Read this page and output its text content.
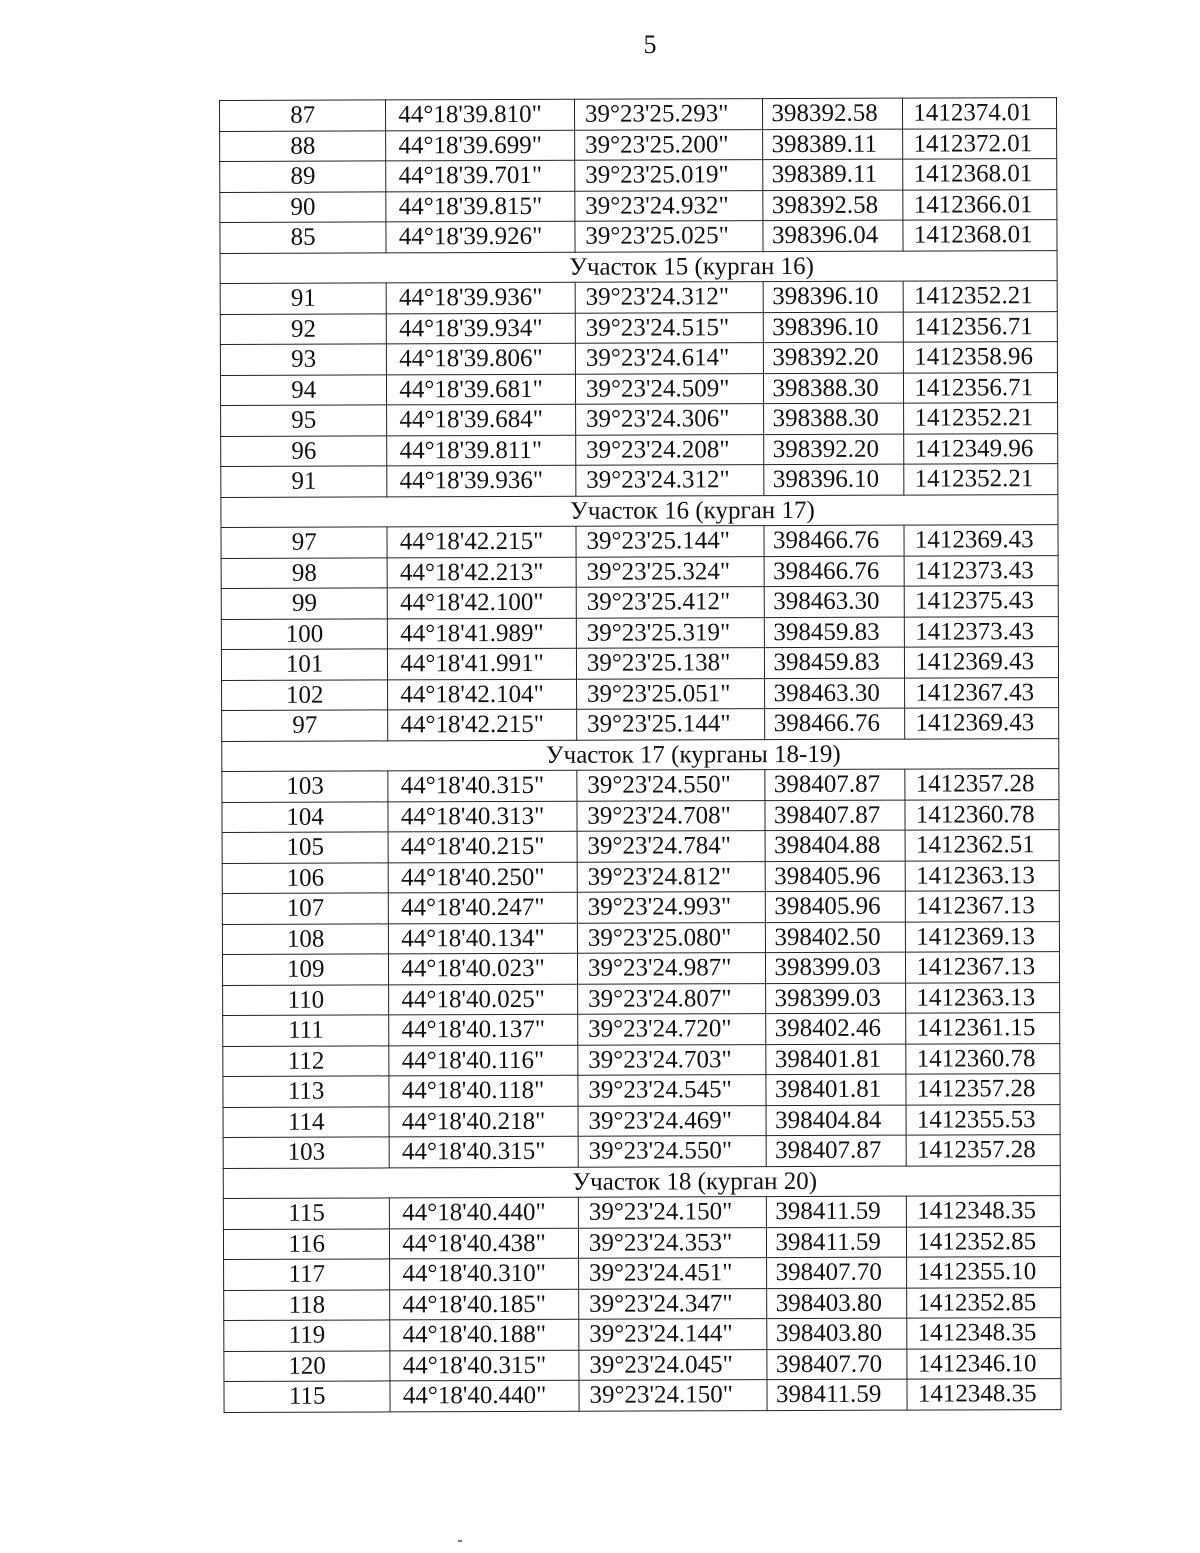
5
87	44°18'39.810"	39°23'25.293"	398392.58	1412374.01
88	44°18'39.699"	39°23'25.200"	398389.11	1412372.01
89	44°18'39.701"	39°23'25.019"	398389.11	1412368.01
90	44°18'39.815"	39°23'24.932"	398392.58	1412366.01
85	44°18'39.926"	39°23'25.025"	398396.04	1412368.01
Участок 15 (курган 16)				
91	44°18'39.936"	39°23'24.312"	398396.10	1412352.21
92	44°18'39.934"	39°23'24.515"	398396.10	1412356.71
93	44°18'39.806"	39°23'24.614"	398392.20	1412358.96
94	44°18'39.681"	39°23'24.509"	398388.30	1412356.71
95	44°18'39.684"	39°23'24.306"	398388.30	1412352.21
96	44°18'39.811"	39°23'24.208"	398392.20	1412349.96
91	44°18'39.936"	39°23'24.312"	398396.10	1412352.21
Участок 16 (курган 17)				
97	44°18'42.215"	39°23'25.144"	398466.76	1412369.43
98	44°18'42.213"	39°23'25.324"	398466.76	1412373.43
99	44°18'42.100"	39°23'25.412"	398463.30	1412375.43
100	44°18'41.989"	39°23'25.319"	398459.83	1412373.43
101	44°18'41.991"	39°23'25.138"	398459.83	1412369.43
102	44°18'42.104"	39°23'25.051"	398463.30	1412367.43
97	44°18'42.215"	39°23'25.144"	398466.76	1412369.43
Участок 17 (курганы 18-19)				
103	44°18'40.315"	39°23'24.550"	398407.87	1412357.28
104	44°18'40.313"	39°23'24.708"	398407.87	1412360.78
105	44°18'40.215"	39°23'24.784"	398404.88	1412362.51
106	44°18'40.250"	39°23'24.812"	398405.96	1412363.13
107	44°18'40.247"	39°23'24.993"	398405.96	1412367.13
108	44°18'40.134"	39°23'25.080"	398402.50	1412369.13
109	44°18'40.023"	39°23'24.987"	398399.03	1412367.13
110	44°18'40.025"	39°23'24.807"	398399.03	1412363.13
111	44°18'40.137"	39°23'24.720"	398402.46	1412361.15
112	44°18'40.116"	39°23'24.703"	398401.81	1412360.78
113	44°18'40.118"	39°23'24.545"	398401.81	1412357.28
114	44°18'40.218"	39°23'24.469"	398404.84	1412355.53
103	44°18'40.315"	39°23'24.550"	398407.87	1412357.28
Участок 18 (курган 20)				
115	44°18'40.440"	39°23'24.150"	398411.59	1412348.35
116	44°18'40.438"	39°23'24.353"	398411.59	1412352.85
117	44°18'40.310"	39°23'24.451"	398407.70	1412355.10
118	44°18'40.185"	39°23'24.347"	398403.80	1412352.85
119	44°18'40.188"	39°23'24.144"	398403.80	1412348.35
120	44°18'40.315"	39°23'24.045"	398407.70	1412346.10
115	44°18'40.440"	39°23'24.150"	398411.59	1412348.35
